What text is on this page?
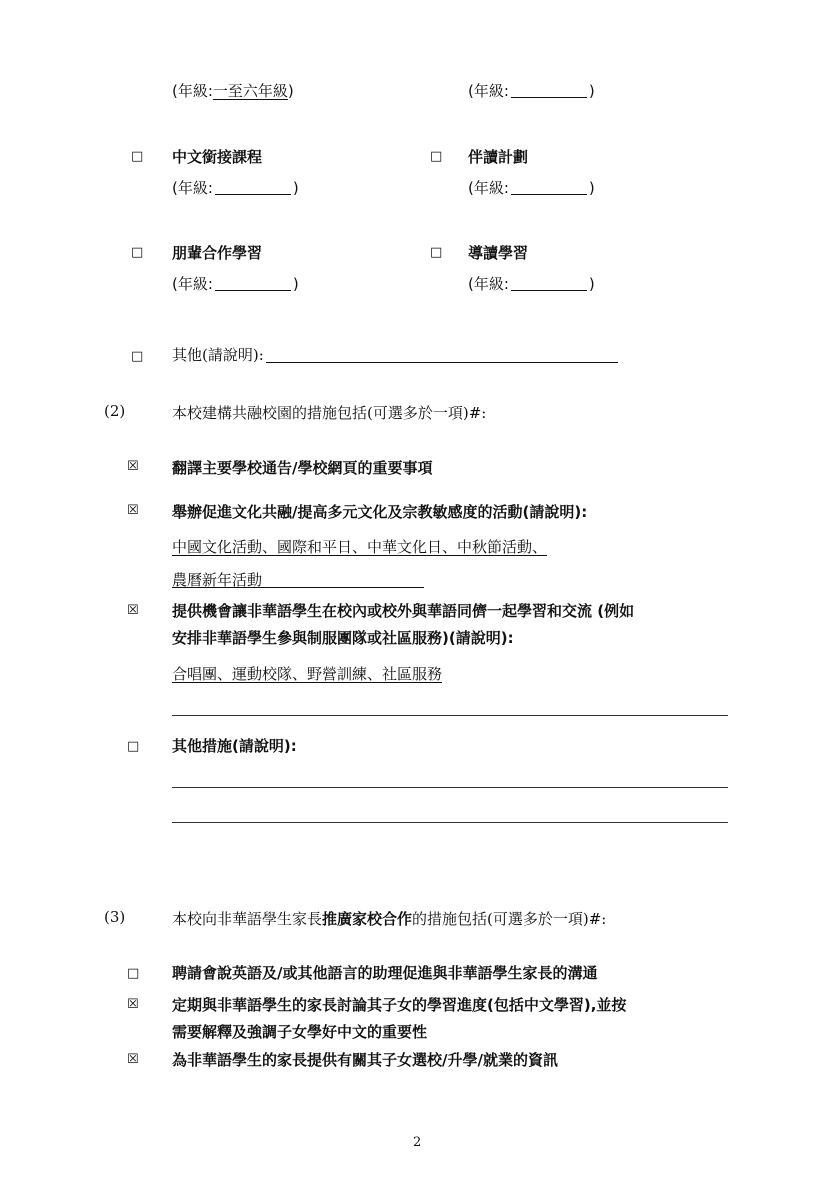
(年級:一至六年級)	(年級:	)
□ 中文銜接課程	□ 伴讀計劃
(年級:	)	(年級:	)
□ 朋輩合作學習	□ 導讀學習
(年級:	)	(年級:	)
□ 其他(請說明):
(2)	本校建構共融校園的措施包括(可選多於一項)#:
☒ 翻譯主要學校通告/學校網頁的重要事項
☒ 舉辦促進文化共融/提高多元文化及宗教敏感度的活動(請說明):
中國文化活動、國際和平日、中華文化日、中秋節活動、
農曆新年活動
☒ 提供機會讓非華語學生在校內或校外與華語同儕一起學習和交流 (例如
安排非華語學生參與制服團隊或社區服務)(請說明):
合唱團、運動校隊、野營訓練、社區服務
□ 其他措施(請說明):
(3)	本校向非華語學生家長推廣家校合作的措施包括(可選多於一項)#:
□ 聘請會說英語及/或其他語言的助理促進與非華語學生家長的溝通
☒ 定期與非華語學生的家長討論其子女的學習進度(包括中文學習),並按
需要解釋及強調子女學好中文的重要性
☒ 為非華語學生的家長提供有關其子女選校/升學/就業的資訊
2
